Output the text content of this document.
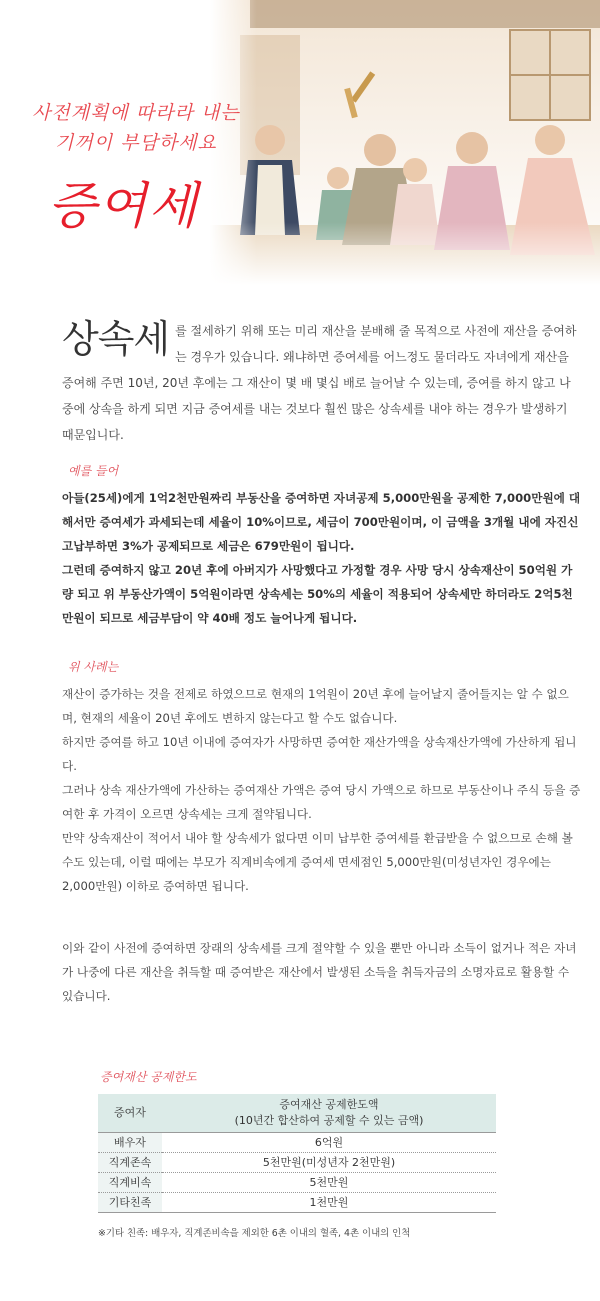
사전계획에 따라라 내는
기꺼이 부담하세요
증여세
상속세 를 절세하기 위해 또는 미리 재산을 분배해 줄 목적으로 사전에 재산을 증여하는 경우가 있습니다. 왜냐하면 증여세를 어느정도 물더라도 자녀에게 재산을 증여해 주면 10년, 20년 후에는 그 재산이 몇 배 몇십 배로 늘어날 수 있는데, 증여를 하지 않고 나중에 상속을 하게 되면 지금 증여세를 내는 것보다 훨씬 많은 상속세를 내야 하는 경우가 발생하기 때문입니다.
예를 들어

아들(25세)에게 1억2천만원짜리 부동산을 증여하면 자녀공제 5,000만원을 공제한 7,000만원에 대해서만 증여세가 과세되는데 세율이 10%이므로, 세금이 700만원이며, 이 금액을 3개월 내에 자진신고납부하면 3%가 공제되므로 세금은 679만원이 됩니다.

그런데 증여하지 않고 20년 후에 아버지가 사망했다고 가정할 경우 사망 당시 상속재산이 50억원 가량 되고 위 부동산가액이 5억원이라면 상속세는 50%의 세율이 적용되어 상속세만 하더라도 2억5천만원이 되므로 세금부담이 약 40배 정도 늘어나게 됩니다.

위 사례는

재산이 증가하는 것을 전제로 하였으므로 현재의 1억원이 20년 후에 늘어날지 줄어들지는 알 수 없으며, 현재의 세율이 20년 후에도 변하지 않는다고 할 수도 없습니다.

하지만 증여를 하고 10년 이내에 증여자가 사망하면 증여한 재산가액을 상속재산가액에 가산하게 됩니다.

그러나 상속 재산가액에 가산하는 증여재산 가액은 증여 당시 가액으로 하므로 부동산이나 주식 등을 증여한 후 가격이 오르면 상속세는 크게 절약됩니다.

만약 상속재산이 적어서 내야 할 상속세가 없다면 이미 납부한 증여세를 환급받을 수 없으므로 손해 볼 수도 있는데, 이럴 때에는 부모가 직계비속에게 증여세 면세점인 5,000만원(미성년자인 경우에는 2,000만원) 이하로 증여하면 됩니다.

이와 같이 사전에 증여하면 장래의 상속세를 크게 절약할 수 있을 뿐만 아니라 소득이 없거나 적은 자녀가 나중에 다른 재산을 취득할 때 증여받은 재산에서 발생된 소득을 취득자금의 소명자료로 활용할 수 있습니다.
증여재산 공제한도
증여자	증여재산 공제한도액
(10년간 합산하여 공제할 수 있는 금액)

배우자	6억원
직계존속	5천만원(미성년자 2천만원)
직계비속	5천만원
기타친족	1천만원
※기타 친족: 배우자, 직계존비속을 제외한 6촌 이내의 혈족, 4촌 이내의 인척
